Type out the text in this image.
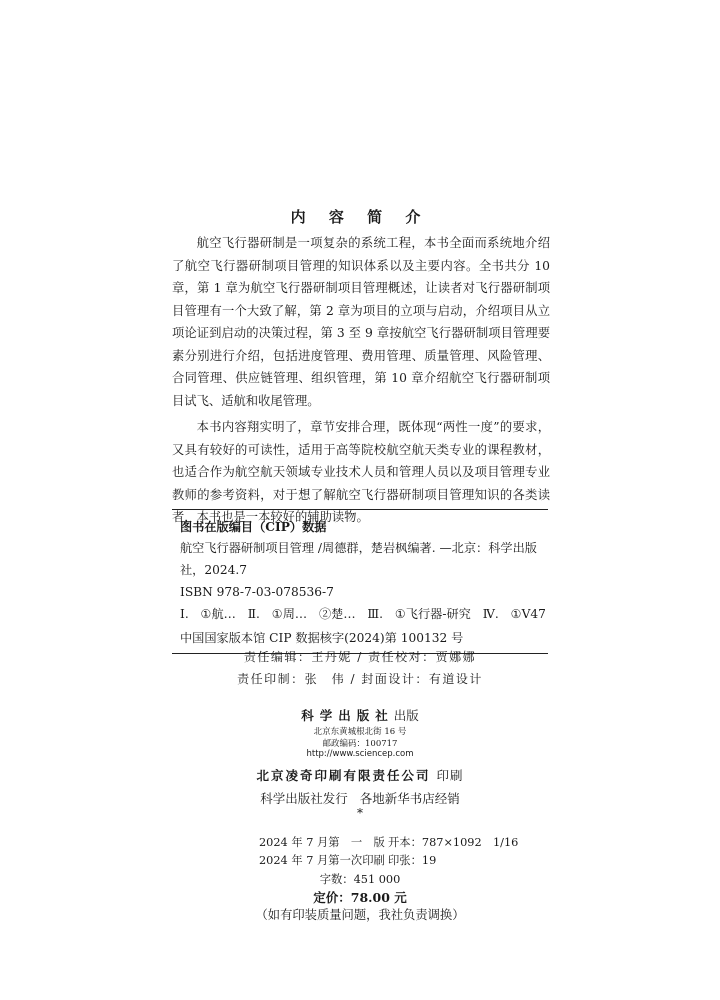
内 容 简 介

航空飞行器研制是一项复杂的系统工程，本书全面而系统地介绍了航空飞行器研制项目管理的知识体系以及主要内容。全书共分 10 章，第 1 章为航空飞行器研制项目管理概述，让读者对飞行器研制项目管理有一个大致了解，第 2 章为项目的立项与启动，介绍项目从立项论证到启动的决策过程，第 3 至 9 章按航空飞行器研制项目管理要素分别进行介绍，包括进度管理、费用管理、质量管理、风险管理、合同管理、供应链管理、组织管理，第 10 章介绍航空飞行器研制项目试飞、适航和收尾管理。

本书内容翔实明了，章节安排合理，既体现“两性一度”的要求，又具有较好的可读性，适用于高等院校航空航天类专业的课程教材，也适合作为航空航天领域专业技术人员和管理人员以及项目管理专业教师的参考资料，对于想了解航空飞行器研制项目管理知识的各类读者，本书也是一本较好的辅助读物。

图书在版编目（CIP）数据
航空飞行器研制项目管理 /周德群，楚岩枫编著. —北京：科学出版社，2024.7
ISBN 978-7-03-078536-7
Ⅰ. ①航… Ⅱ. ①周… ②楚… Ⅲ. ①飞行器-研究 Ⅳ. ①V47
中国国家版本馆 CIP 数据核字(2024)第 100132 号
责任编辑：王丹妮 / 责任校对：贾娜娜
责任印制：张　伟 / 封面设计：有道设计
科学出版社出版
北京东黄城根北街 16 号
邮政编码：100717
http://www.sciencep.com
北京凌奇印刷有限责任公司 印刷
科学出版社发行 各地新华书店经销
*
2024 年 7 月第　一　版 开本：787×1092　1/16
2024 年 7 月第一次印刷 印张：19
字数：451 000
定价：78.00 元
（如有印装质量问题，我社负责调换）
